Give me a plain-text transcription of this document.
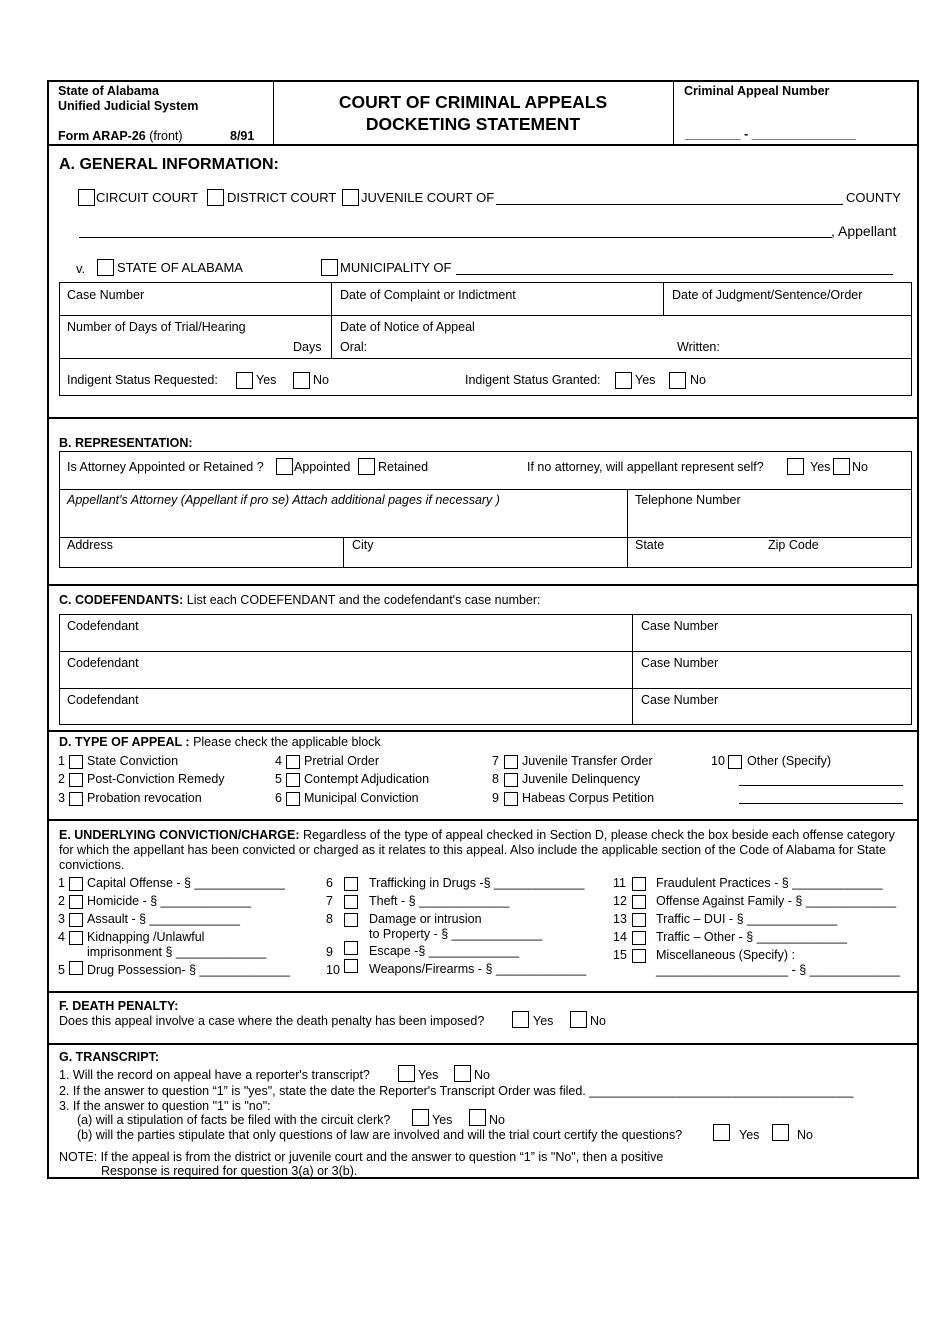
State of Alabama
Unified Judicial System
Form ARAP-26 (front)	8/91
COURT OF CRIMINAL APPEALS
DOCKETING STATEMENT
Criminal Appeal Number
________ - _______________
A. GENERAL INFORMATION:
CIRCUIT COURT DISTRICT COURT JUVENILE COURT OF	COUNTY
, Appellant
v. STATE OF ALABAMA	MUNICIPALITY OF
Case Number	Date of Complaint or Indictment	Date of Judgment/Sentence/Order
Number of Days of Trial/Hearing
Days
Date of Notice of Appeal
Oral:	Written:
Indigent Status Requested:	Yes	No	Indigent Status Granted:	Yes	No
B. REPRESENTATION:
Is Attorney Appointed or Retained ? Appointed Retained	If no attorney, will appellant represent self?	Yes No
Appellant's Attorney (Appellant if pro se) Attach additional pages if necessary )	Telephone Number
Address	City	State	Zip Code
C. CODEFENDANTS: List each CODEFENDANT and the codefendant's case number:
Codefendant	Case Number
Codefendant	Case Number
Codefendant	Case Number
D. TYPE OF APPEAL : Please check the applicable block
1 State Conviction
2 Post-Conviction Remedy
3 Probation revocation
4 Pretrial Order
5 Contempt Adjudication
6 Municipal Conviction
7 Juvenile Transfer Order
8 Juvenile Delinquency
9 Habeas Corpus Petition
10 Other (Specify)
E. UNDERLYING CONVICTION/CHARGE: Regardless of the type of appeal checked in Section D, please check the box beside each offense category
for which the appellant has been convicted or charged as it relates to this appeal. Also include the applicable section of the Code of Alabama for State
convictions.
1 Capital Offense - § _____________
2 Homicide - § _____________
3 Assault - § _____________
4 Kidnapping /Unlawful
imprisonment § _____________
5 Drug Possession- § _____________
6	Trafficking in Drugs -§ _____________
7	Theft - § _____________
8	Damage or intrusion
to Property - § _____________
9	Escape -§ _____________
10 Weapons/Firearms - § _____________
11 Fraudulent Practices - § _____________
12 Offense Against Family - § _____________
13 Traffic – DUI - § _____________
14 Traffic – Other - § _____________
15 Miscellaneous (Specify) :
___________________ - § _____________
F. DEATH PENALTY:
Does this appeal involve a case where the death penalty has been imposed?	Yes	No
G. TRANSCRIPT:
1. Will the record on appeal have a reporter's transcript?	Yes	No
2. If the answer to question “1” is "yes", state the date the Reporter's Transcript Order was filed. ______________________________________
3. If the answer to question "1" is "no":
(a) will a stipulation of facts be filed with the circuit clerk?	Yes	No
(b) will the parties stipulate that only questions of law are involved and will the trial court certify the questions?	Yes	No
NOTE: If the appeal is from the district or juvenile court and the answer to question “1” is "No", then a positive
Response is required for question 3(a) or 3(b).
